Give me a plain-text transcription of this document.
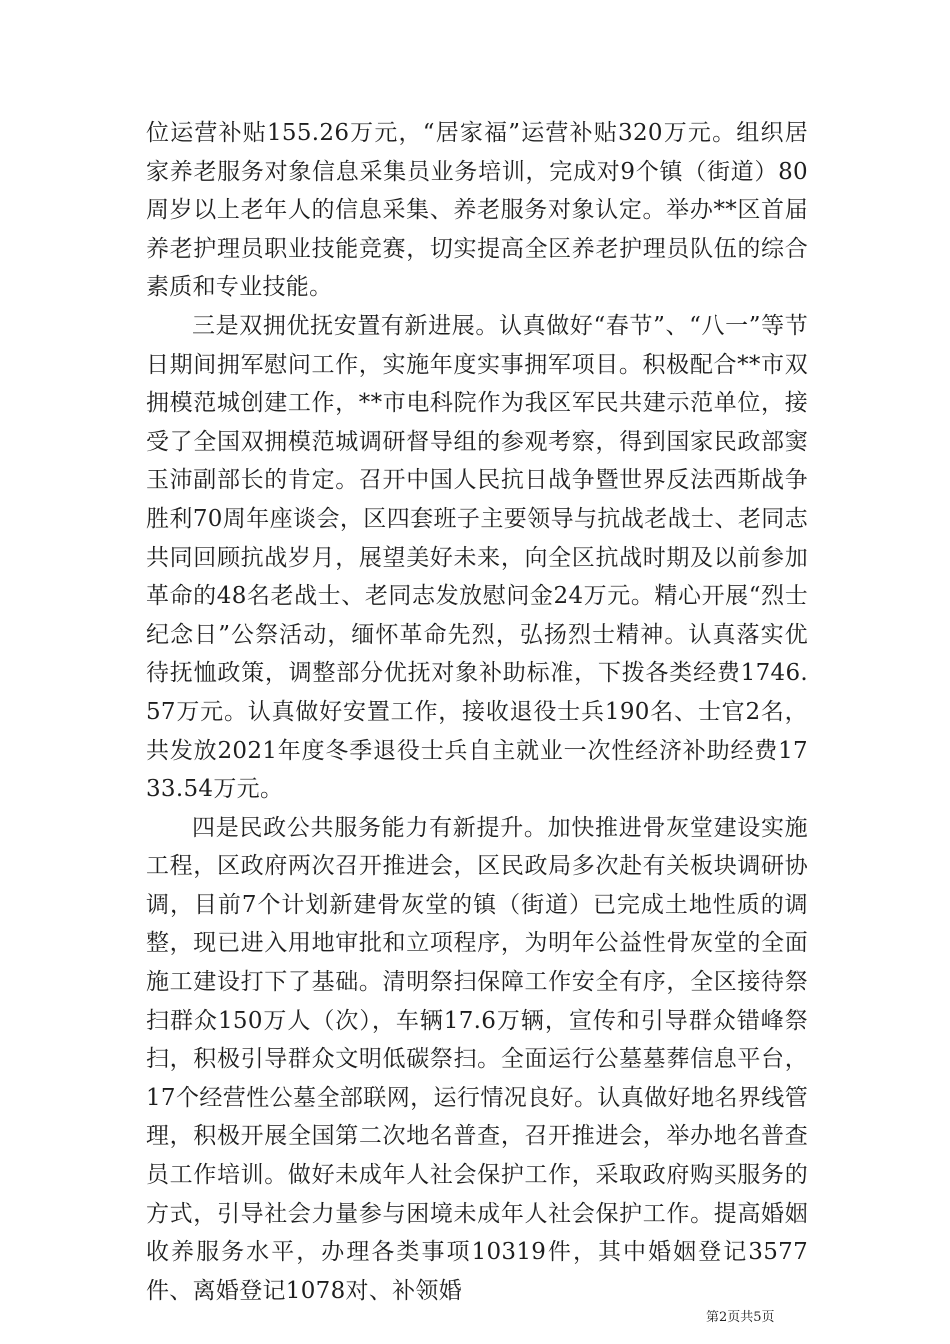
位运营补贴155.26万元，“居家福”运营补贴320万元。组织居家养老服务对象信息采集员业务培训，完成对9个镇（街道）80周岁以上老年人的信息采集、养老服务对象认定。举办**区首届养老护理员职业技能竞赛，切实提高全区养老护理员队伍的综合素质和专业技能。

三是双拥优抚安置有新进展。认真做好“春节”、“八一”等节日期间拥军慰问工作，实施年度实事拥军项目。积极配合**市双拥模范城创建工作，**市电科院作为我区军民共建示范单位，接受了全国双拥模范城调研督导组的参观考察，得到国家民政部窦玉沛副部长的肯定。召开中国人民抗日战争暨世界反法西斯战争胜利70周年座谈会，区四套班子主要领导与抗战老战士、老同志共同回顾抗战岁月，展望美好未来，向全区抗战时期及以前参加革命的48名老战士、老同志发放慰问金24万元。精心开展“烈士纪念日”公祭活动，缅怀革命先烈，弘扬烈士精神。认真落实优待抚恤政策，调整部分优抚对象补助标准，下拨各类经费1746.57万元。认真做好安置工作，接收退役士兵190名、士官2名，共发放2021年度冬季退役士兵自主就业一次性经济补助经费1733.54万元。

四是民政公共服务能力有新提升。加快推进骨灰堂建设实施工程，区政府两次召开推进会，区民政局多次赴有关板块调研协调，目前7个计划新建骨灰堂的镇（街道）已完成土地性质的调整，现已进入用地审批和立项程序，为明年公益性骨灰堂的全面施工建设打下了基础。清明祭扫保障工作安全有序，全区接待祭扫群众150万人（次），车辆17.6万辆，宣传和引导群众错峰祭扫，积极引导群众文明低碳祭扫。全面运行公墓墓葬信息平台，17个经营性公墓全部联网，运行情况良好。认真做好地名界线管理，积极开展全国第二次地名普查，召开推进会，举办地名普查员工作培训。做好未成年人社会保护工作，采取政府购买服务的方式，引导社会力量参与困境未成年人社会保护工作。提高婚姻收养服务水平，办理各类事项10319件，其中婚姻登记3577件、离婚登记1078对、补领婚

第2页共5页
